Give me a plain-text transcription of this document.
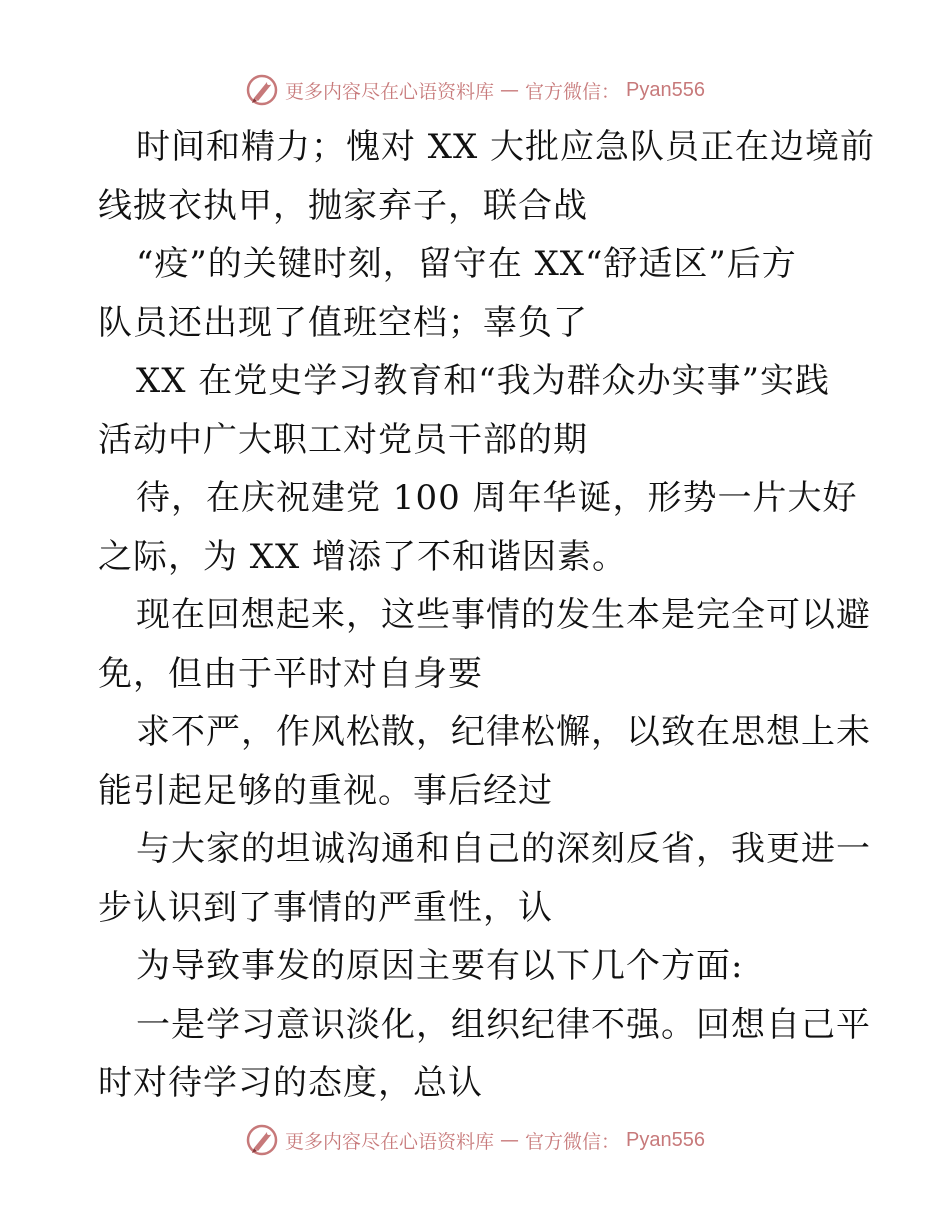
更多内容尽在心语资料库 — 官方微信： Pyan556
时间和精力；愧对 XX 大批应急队员正在边境前
线披衣执甲，抛家弃子，联合战
“疫”的关键时刻，留守在 XX“舒适区”后方
队员还出现了值班空档；辜负了
XX 在党史学习教育和“我为群众办实事”实践
活动中广大职工对党员干部的期
待，在庆祝建党 100 周年华诞，形势一片大好
之际，为 XX 增添了不和谐因素。
现在回想起来，这些事情的发生本是完全可以避
免，但由于平时对自身要
求不严，作风松散，纪律松懈，以致在思想上未
能引起足够的重视。事后经过
与大家的坦诚沟通和自己的深刻反省，我更进一
步认识到了事情的严重性，认
为导致事发的原因主要有以下几个方面:
一是学习意识淡化，组织纪律不强。回想自己平
时对待学习的态度，总认
更多内容尽在心语资料库 — 官方微信： Pyan556
